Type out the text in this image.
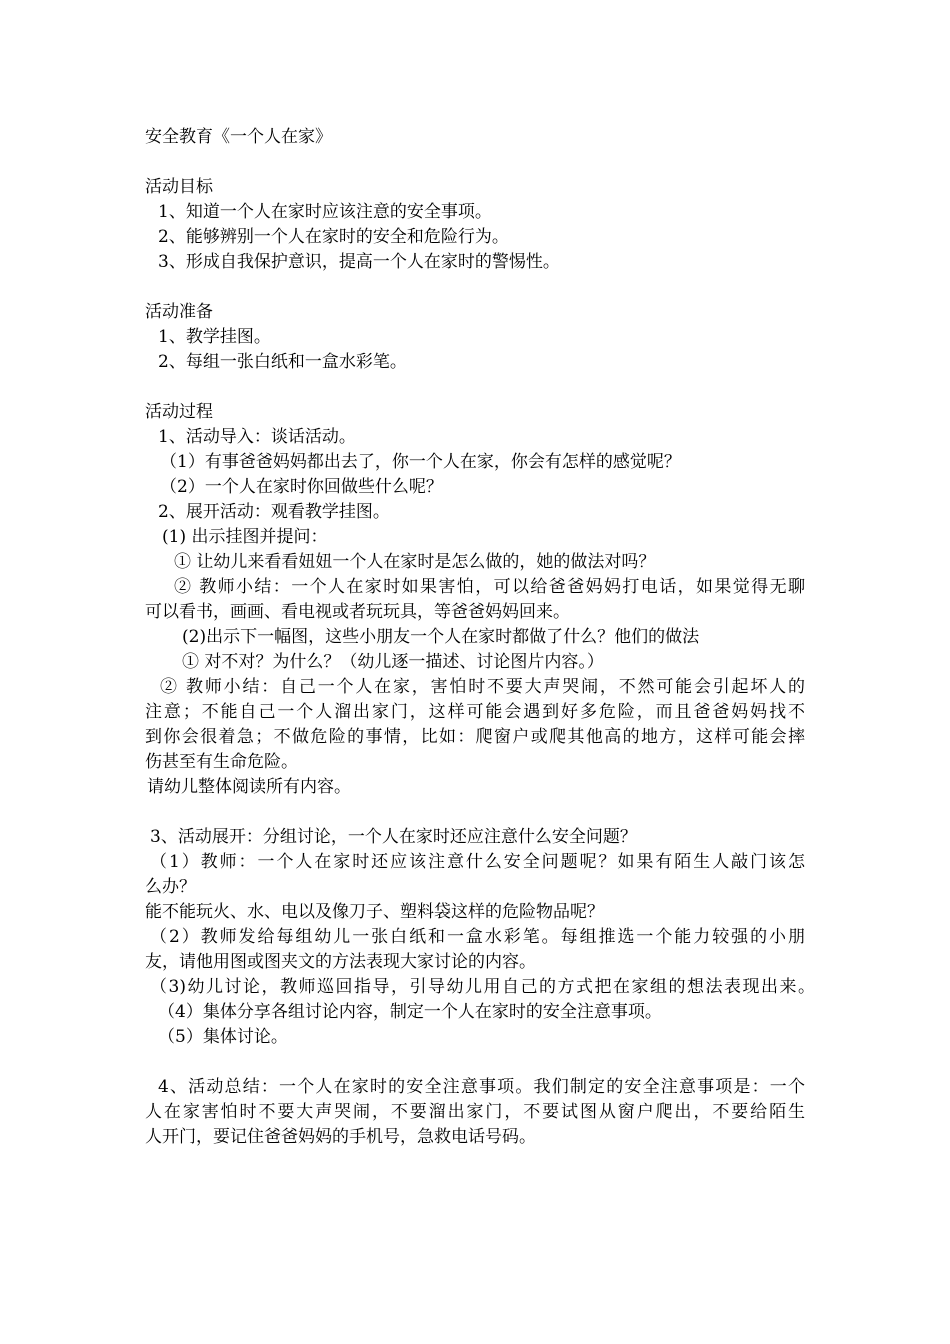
安全教育《一个人在家》
活动目标
1、知道一个人在家时应该注意的安全事项。
2、能够辨别一个人在家时的安全和危险行为。
3、形成自我保护意识，提高一个人在家时的警惕性。
活动准备
1、教学挂图。
2、每组一张白纸和一盒水彩笔。
活动过程
1、活动导入：谈话活动。
（1）有事爸爸妈妈都出去了，你一个人在家，你会有怎样的感觉呢？
（2）一个人在家时你回做些什么呢？
2、展开活动：观看教学挂图。
(1) 出示挂图并提问：
① 让幼儿来看看妞妞一个人在家时是怎么做的，她的做法对吗？
② 教师小结：一个人在家时如果害怕，可以给爸爸妈妈打电话，如果觉得无聊
可以看书，画画、看电视或者玩玩具，等爸爸妈妈回来。
(2)出示下一幅图，这些小朋友一个人在家时都做了什么？他们的做法
① 对不对？为什么？（幼儿逐一描述、讨论图片内容。）
② 教师小结：自己一个人在家，害怕时不要大声哭闹，不然可能会引起坏人的
注意；不能自己一个人溜出家门，这样可能会遇到好多危险，而且爸爸妈妈找不
到你会很着急；不做危险的事情，比如：爬窗户或爬其他高的地方，这样可能会摔
伤甚至有生命危险。
请幼儿整体阅读所有内容。
3、活动展开：分组讨论，一个人在家时还应注意什么安全问题？
（1）教师：一个人在家时还应该注意什么安全问题呢？如果有陌生人敲门该怎
么办？
能不能玩火、水、电以及像刀子、塑料袋这样的危险物品呢？
（2）教师发给每组幼儿一张白纸和一盒水彩笔。每组推选一个能力较强的小朋
友，请他用图或图夹文的方法表现大家讨论的内容。
（3)幼儿讨论，教师巡回指导，引导幼儿用自己的方式把在家组的想法表现出来。
（4）集体分享各组讨论内容，制定一个人在家时的安全注意事项。
（5）集体讨论。
4、活动总结：一个人在家时的安全注意事项。我们制定的安全注意事项是：一个
人在家害怕时不要大声哭闹，不要溜出家门，不要试图从窗户爬出，不要给陌生
人开门，要记住爸爸妈妈的手机号，急救电话号码。
